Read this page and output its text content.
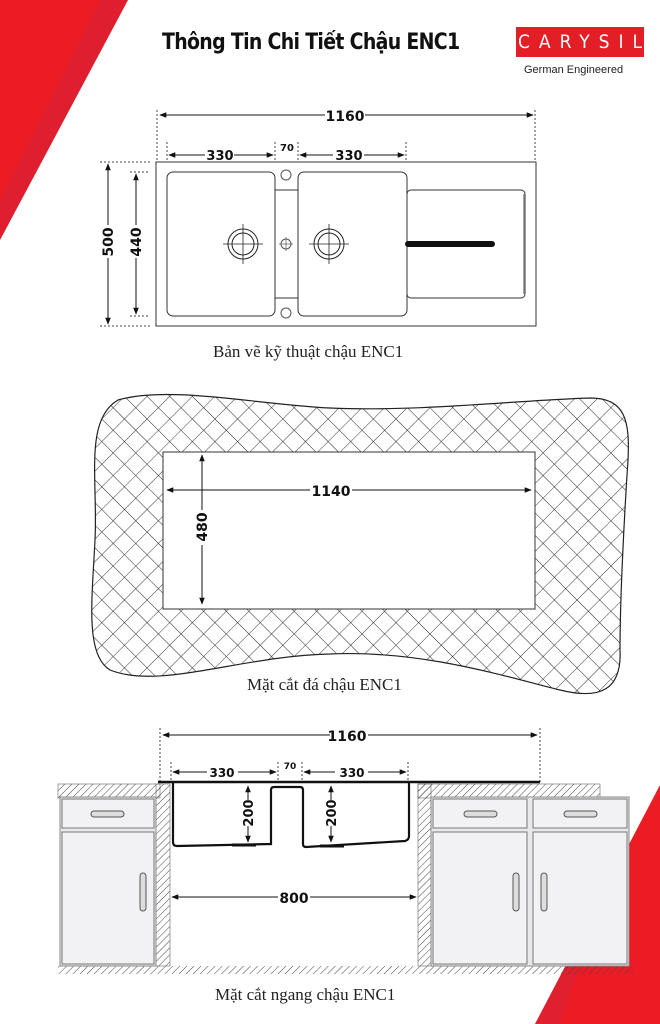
Thông Tin Chi Tiết Chậu ENC1	CARYSIL
German Engineered
1160
330
70
330
500 440
Bản vẽ kỹ thuật chậu ENC1
1140
480
Mặt cắt đá chậu ENC1
1160
330	70	330
200	200
800
Mặt cắt ngang chậu ENC1
